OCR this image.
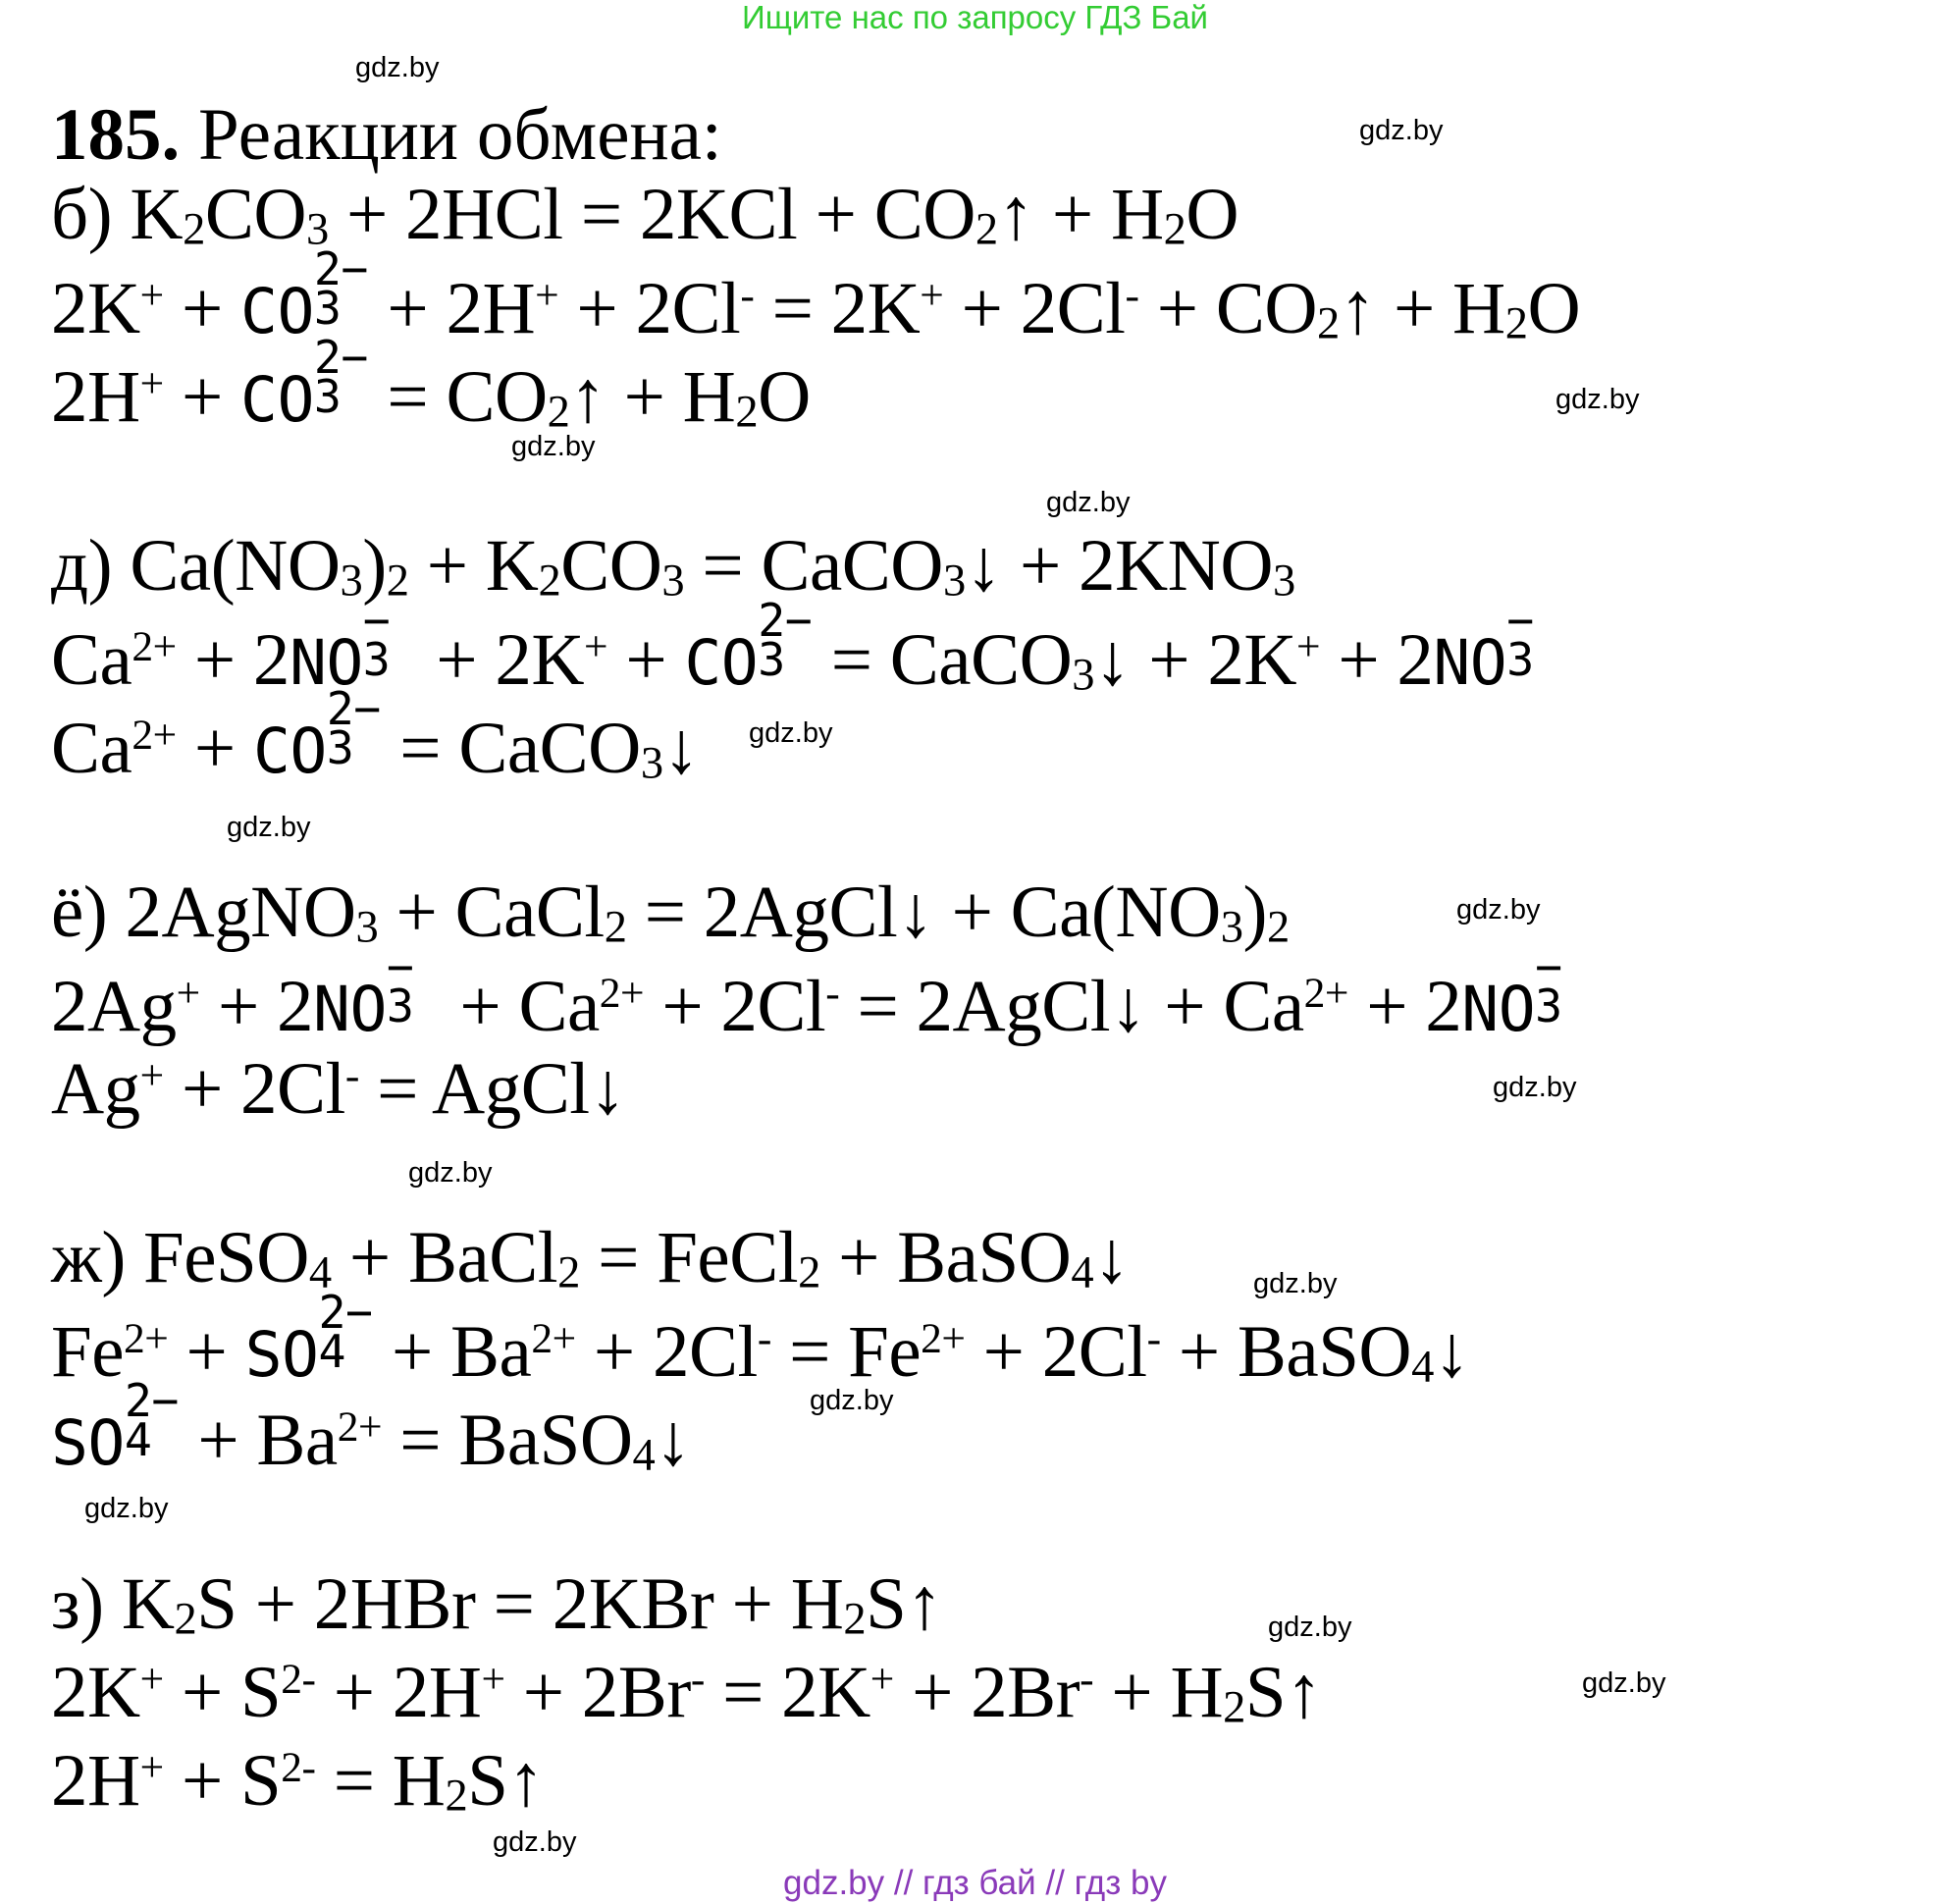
Ищите нас по запросу ГДЗ Бай
185. Реакции обмена:
gdz.by
gdz.by
gdz.by
gdz.by
gdz.by
gdz.by
gdz.by
gdz.by
gdz.by
gdz.by
gdz.by
gdz.by
gdz.by
gdz.by
gdz.by
gdz.by
б) $K_2CO_3 + 2HCl = 2KCl$ + $CO_2↑ + H_2O$
2K+ + CO
2−
$3 + 2H^+ + 2Cl^- = 2K^+ + 2Cl^- + CO_2↑ + H_2O$
2H+ + CO
2−
$3 = CO_2↑ + H_2O$
д) $Ca(NO_3)_2 + K_2CO_3$ = CaCO$_3$↓ + $2KNO_3$
$Ca^{2+} + 2NO$
−
3 + 2K+ + CO
2−
3 = CaCO$_3$↓ + 2K+ + 2NO
−
3
$Ca^{2+}$ + CO
2−
3 = CaCO$_3$↓
ё) 2AgNO$_3$ + CaCl$_2$ = 2AgCl↓ + $Ca(NO_3)_2$
2Ag+ + 2NO
−
$3 + Ca^{2+} + 2Cl^-$ = 2AgCl↓ + $Ca^{2+} + 2NO$
−
3
Ag+ + 2Cl- = AgCl↓
ж) FeSO$_4$ + BaCl$_2$ = FeCl$_2$ + BaSO$_4$↓
$Fe^{2+}$ + SO
2−
$4 + Ba^{2+} + 2Cl^- = Fe^{2+} + 2Cl^-$ + BaSO$_4$↓
SO
2−
$4 + Ba^{2+}$ = BaSO$_4$↓
з) $K_2S + 2HBr = 2KBr$ + $H_2S↑$
$2K^+ + S^{2-} + 2H^+ + 2Br^- = 2K^+ + 2Br^-$ + $H_2S↑$
$2H^+ + S^{2-}$ = $H_2S↑$
gdz.by // гдз бай // гдз by
